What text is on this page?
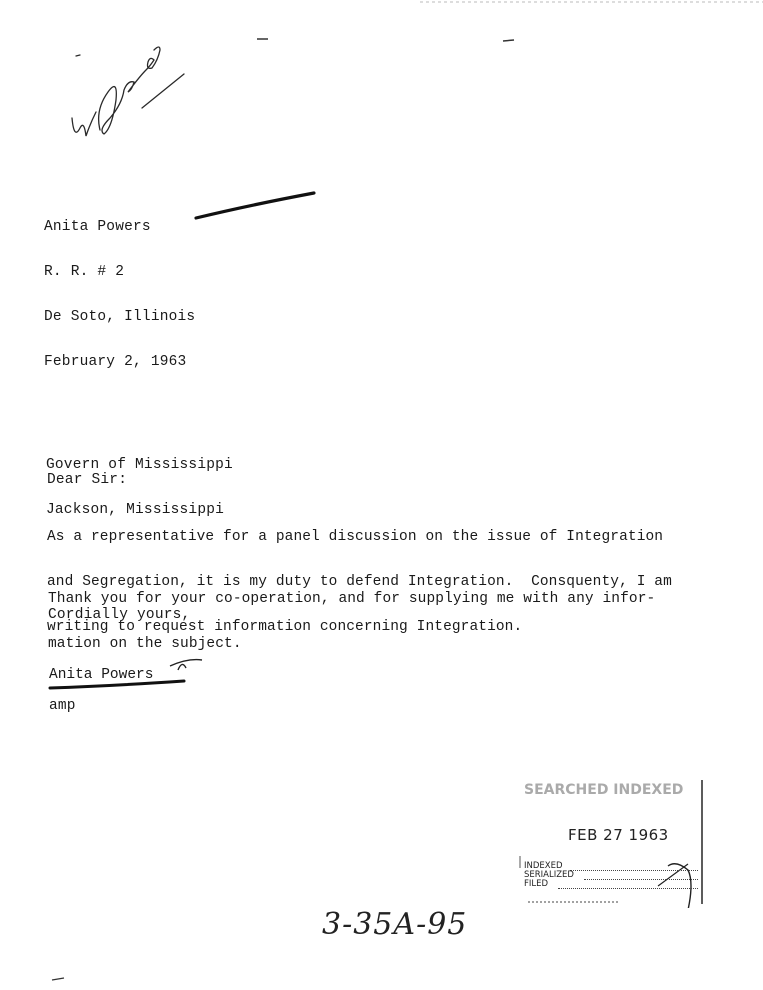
Anita Powers

R. R. # 2

De Soto, Illinois

February 2, 1963

Govern of Mississippi

Jackson, Mississippi

Dear Sir:

As a representative for a panel discussion on the issue of Integration

and Segregation, it is my duty to defend Integration.  Consquenty, I am

writing to request information concerning Integration.

Thank you for your co-operation, and for supplying me with any infor-

mation on the subject.

Cordially yours,
Anita Powers
amp
SEARCHED INDEXED
FEB 27 1963
INDEXED
SERIALIZED
FILED
3-35A-95
